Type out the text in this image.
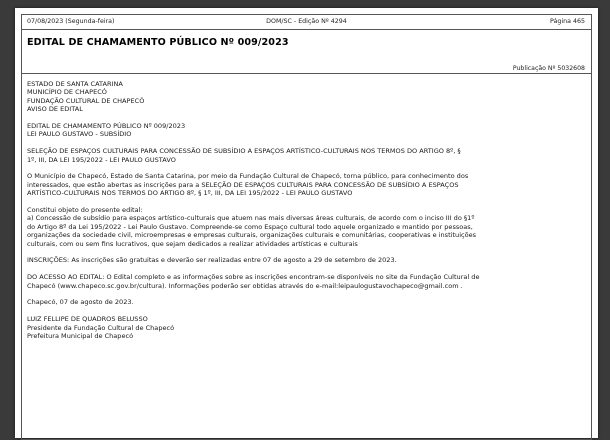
07/08/2023 (Segunda-feira)	DOM/SC - Edição Nº 4294	Página 465
EDITAL DE CHAMAMENTO PÚBLICO Nº 009/2023
Publicação Nº 5032608

ESTADO DE SANTA CATARINA
MUNICÍPIO DE CHAPECÓ
FUNDAÇÃO CULTURAL DE CHAPECÓ
AVISO DE EDITAL

EDITAL DE CHAMAMENTO PÚBLICO Nº 009/2023
LEI PAULO GUSTAVO - SUBSÍDIO

SELEÇÃO DE ESPAÇOS CULTURAIS PARA CONCESSÃO DE SUBSÍDIO A ESPAÇOS ARTÍSTICO-CULTURAIS NOS TERMOS DO ARTIGO 8º, §
1º, III, DA LEI 195/2022 - LEI PAULO GUSTAVO

O Município de Chapecó, Estado de Santa Catarina, por meio da Fundação Cultural de Chapecó, torna público, para conhecimento dos
interessados, que estão abertas as inscrições para a SELEÇÃO DE ESPAÇOS CULTURAIS PARA CONCESSÃO DE SUBSÍDIO A ESPAÇOS
ARTÍSTICO-CULTURAIS NOS TERMOS DO ARTIGO 8º, § 1º, III, DA LEI 195/2022 - LEI PAULO GUSTAVO

Constitui objeto do presente edital:
a) Concessão de subsídio para espaços artístico-culturais que atuem nas mais diversas áreas culturais, de acordo com o inciso III do §1º
do Artigo 8º da Lei 195/2022 - Lei Paulo Gustavo. Compreende-se como Espaço cultural todo aquele organizado e mantido por pessoas,
organizações da sociedade civil, microempresas e empresas culturais, organizações culturais e comunitárias, cooperativas e instituições
culturais, com ou sem fins lucrativos, que sejam dedicados a realizar atividades artísticas e culturais

INSCRIÇÕES: As inscrições são gratuitas e deverão ser realizadas entre 07 de agosto a 29 de setembro de 2023.

DO ACESSO AO EDITAL: O Edital completo e as informações sobre as inscrições encontram-se disponíveis no site da Fundação Cultural de
Chapecó (www.chapeco.sc.gov.br/cultura). Informações poderão ser obtidas através do e-mail:leipaulogustavochapeco@gmail.com .

Chapecó, 07 de agosto de 2023.

LUIZ FELLIPE DE QUADROS BELUSSO
Presidente da Fundação Cultural de Chapecó
Prefeitura Municipal de Chapecó
